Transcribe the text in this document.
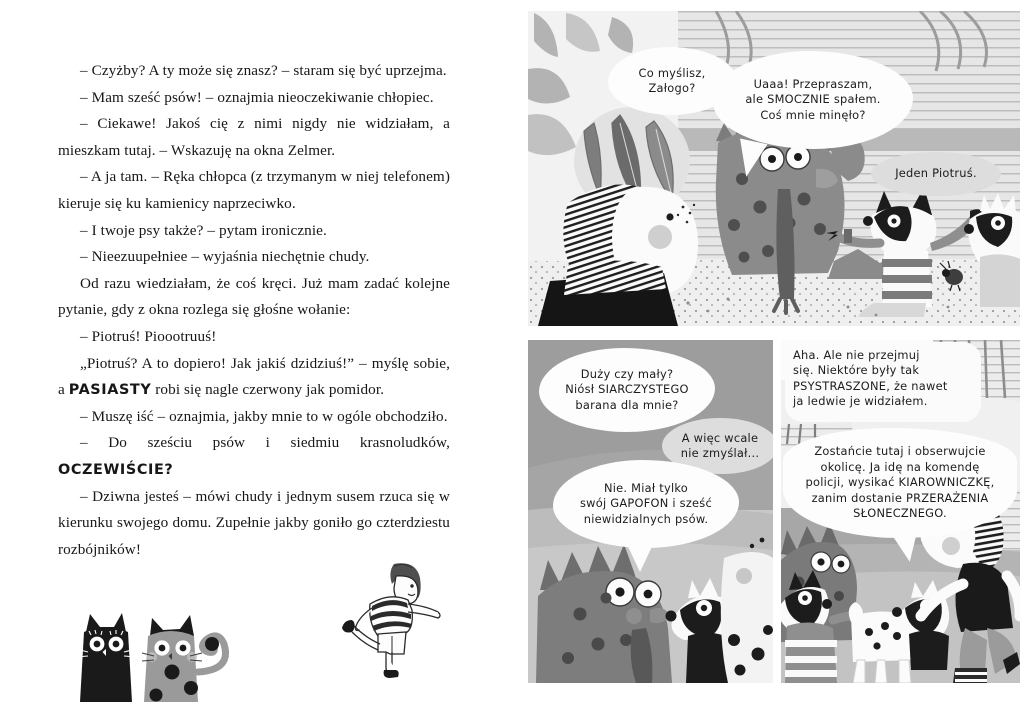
– Czyżby? A ty może się znasz? – staram się być uprzejma.

– Mam sześć psów! – oznajmia nieoczekiwanie chłopiec.

– Ciekawe! Jakoś cię z nimi nigdy nie widziałam, a mieszkam tutaj. – Wskazuję na okna Zelmer.

– A ja tam. – Ręka chłopca (z trzymanym w niej telefonem) kieruje się ku kamienicy naprzeciwko.

– I twoje psy także? – pytam ironicznie.

– Nieezuupełniee – wyjaśnia niechętnie chudy.

Od razu wiedziałam, że coś kręci. Już mam zadać kolejne pytanie, gdy z okna rozlega się głośne wołanie:

– Piotruś! Pioootruuś!

„Piotruś? A to dopiero! Jak jakiś dzidziuś!” – myślę sobie, a PASIASTY robi się nagle czerwony jak pomidor.

– Muszę iść – oznajmia, jakby mnie to w ogóle obchodziło.

– Do sześciu psów i siedmiu krasnoludków, OCZEWIŚCIE?

– Dziwna jesteś – mówi chudy i jednym susem rzuca się w kierunku swojego domu. Zupełnie jakby goniło go czterdziestu rozbójników!

Co myślisz,
Załogo?	Uaaa! Przepraszam,
ale SMOCZNIE spałem.
Coś mnie minęło?
Jeden Piotruś.
Duży czy mały?
Niósł SIARCZYSTEGO
barana dla mnie?
A więc wcale
nie zmyślał...
Nie. Miał tylko
swój GAPOFON i sześć
niewidzialnych psów.
Aha. Ale nie przejmuj
się. Niektóre były tak
PSYSTRASZONE, że nawet
ja ledwie je widziałem.
Zostańcie tutaj i obserwujcie
okolicę. Ja idę na komendę
policji, wysikać KIAROWNICZKĘ,
zanim dostanie PRZERAŻENIA
SŁONECZNEGO.
